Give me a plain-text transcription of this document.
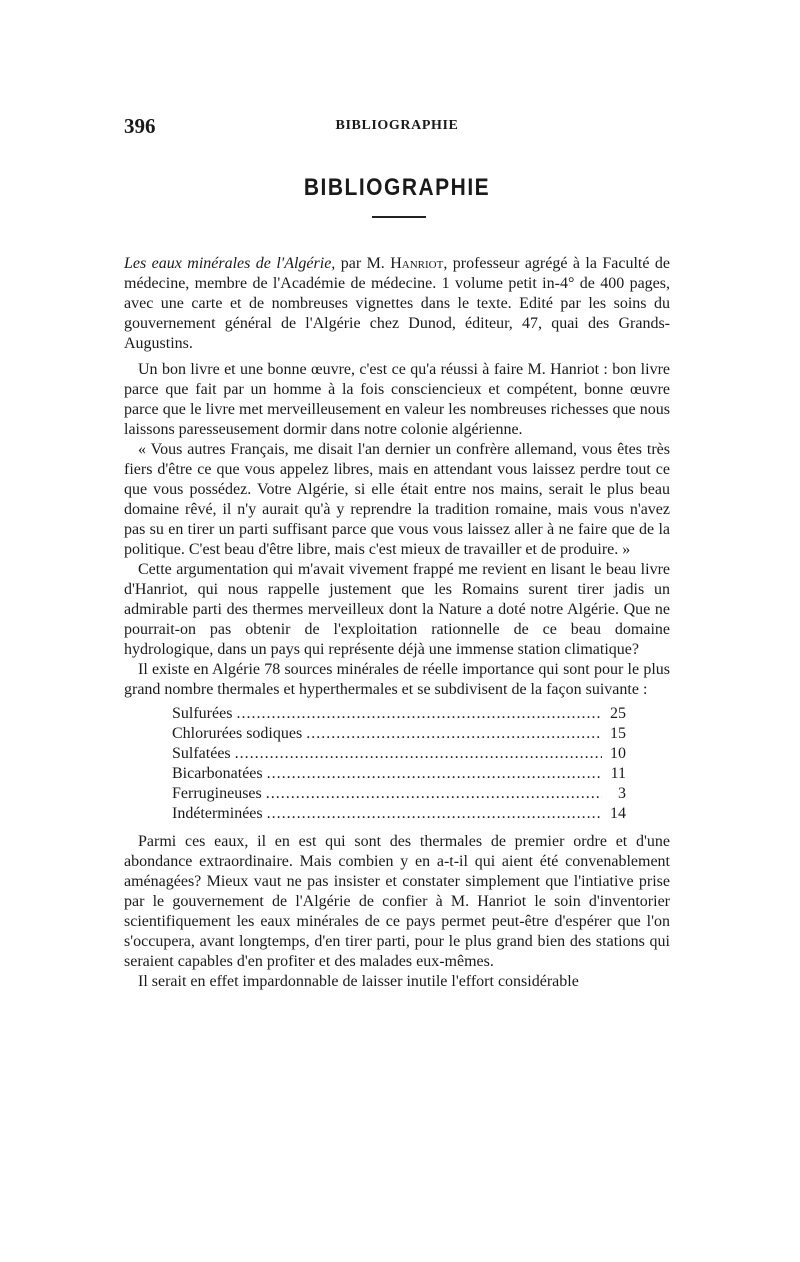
396	BIBLIOGRAPHIE
BIBLIOGRAPHIE

Les eaux minérales de l'Algérie, par M. Hanriot, professeur agrégé à la Faculté de médecine, membre de l'Académie de médecine. 1 volume petit in-4° de 400 pages, avec une carte et de nombreuses vignettes dans le texte. Edité par les soins du gouvernement général de l'Algérie chez Dunod, éditeur, 47, quai des Grands-Augustins.

Un bon livre et une bonne œuvre, c'est ce qu'a réussi à faire M. Hanriot : bon livre parce que fait par un homme à la fois consciencieux et compétent, bonne œuvre parce que le livre met merveilleusement en valeur les nombreuses richesses que nous laissons paresseusement dormir dans notre colonie algérienne.

« Vous autres Français, me disait l'an dernier un confrère allemand, vous êtes très fiers d'être ce que vous appelez libres, mais en attendant vous laissez perdre tout ce que vous possédez. Votre Algérie, si elle était entre nos mains, serait le plus beau domaine rêvé, il n'y aurait qu'à y reprendre la tradition romaine, mais vous n'avez pas su en tirer un parti suffisant parce que vous vous laissez aller à ne faire que de la politique. C'est beau d'être libre, mais c'est mieux de travailler et de produire. »

Cette argumentation qui m'avait vivement frappé me revient en lisant le beau livre d'Hanriot, qui nous rappelle justement que les Romains surent tirer jadis un admirable parti des thermes merveilleux dont la Nature a doté notre Algérie. Que ne pourrait-on pas obtenir de l'exploitation rationnelle de ce beau domaine hydrologique, dans un pays qui représente déjà une immense station climatique?

Il existe en Algérie 78 sources minérales de réelle importance qui sont pour le plus grand nombre thermales et hyperthermales et se subdivisent de la façon suivante :

Sulfurées .....	25
Chlorurées sodiques .....	15
Sulfatées .....	10
Bicarbonatées .....	11
Ferrugineuses .....	3
Indéterminées .....	14

Parmi ces eaux, il en est qui sont des thermales de premier ordre et d'une abondance extraordinaire. Mais combien y en a-t-il qui aient été convenablement aménagées? Mieux vaut ne pas insister et constater simplement que l'intiative prise par le gouvernement de l'Algérie de confier à M. Hanriot le soin d'inventorier scientifiquement les eaux minérales de ce pays permet peut-être d'espérer que l'on s'occupera, avant longtemps, d'en tirer parti, pour le plus grand bien des stations qui seraient capables d'en profiter et des malades eux-mêmes.

Il serait en effet impardonnable de laisser inutile l'effort considérable
